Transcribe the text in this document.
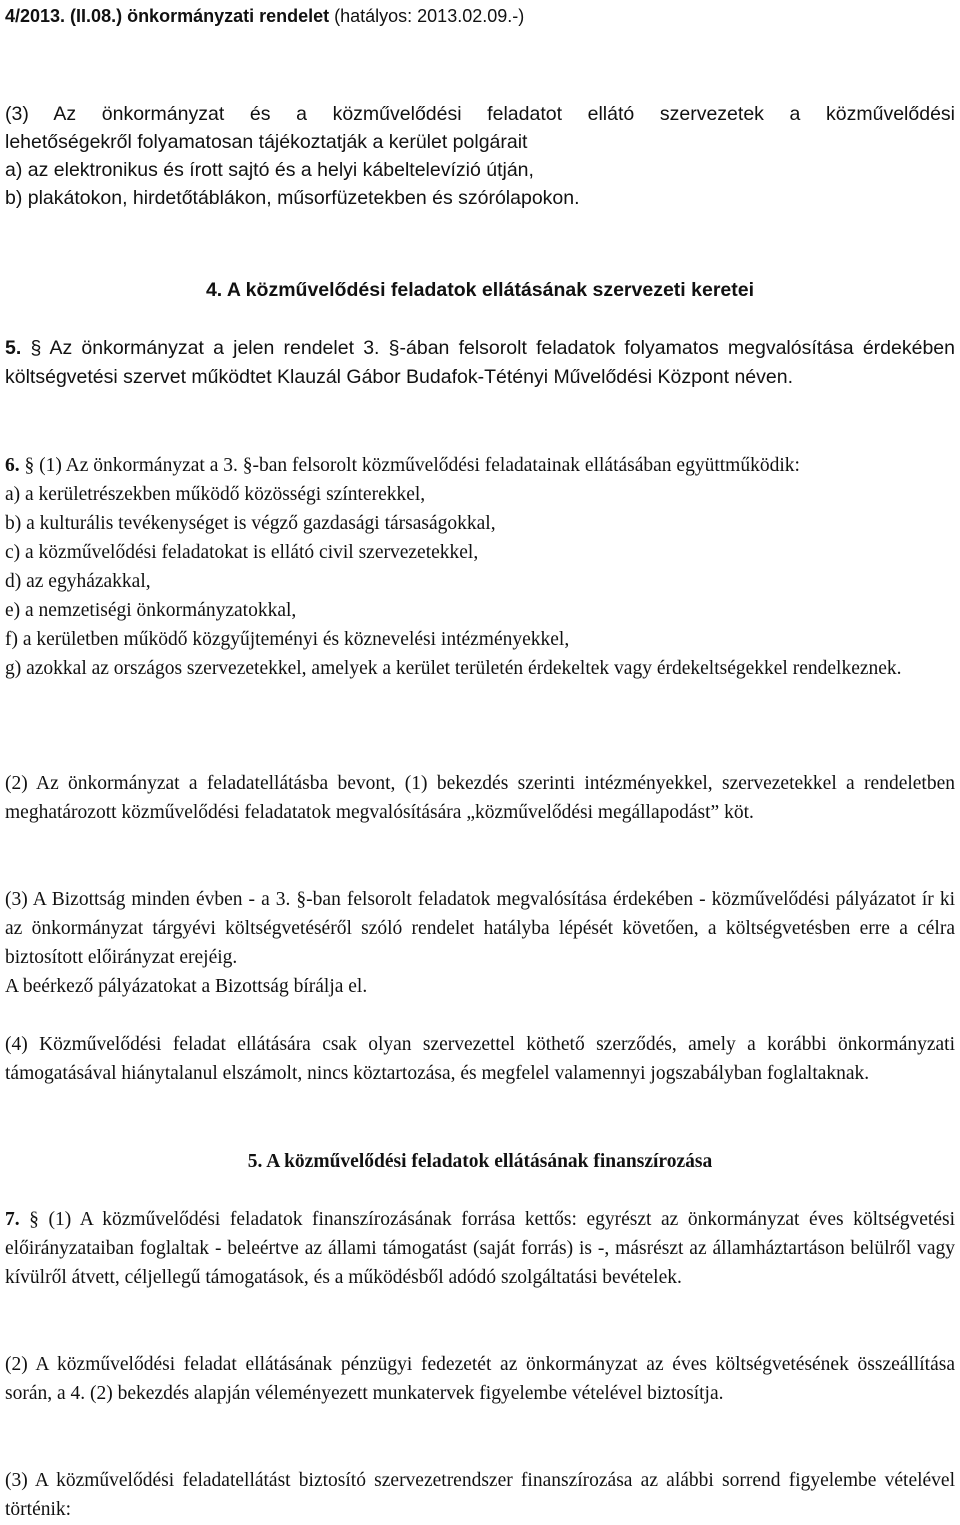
4/2013. (II.08.) önkormányzati rendelet (hatályos: 2013.02.09.-)
(3) Az önkormányzat és a közművelődési feladatot ellátó szervezetek a közművelődési
lehetőségekről folyamatosan tájékoztatják a kerület polgárait
a) az elektronikus és írott sajtó és a helyi kábeltelevízió útján,
b) plakátokon, hirdetőtáblákon, műsorfüzetekben és szórólapokon.
4. A közművelődési feladatok ellátásának szervezeti keretei
5. § Az önkormányzat a jelen rendelet 3. §-ában felsorolt feladatok folyamatos megvalósítása érdekében költségvetési szervet működtet Klauzál Gábor Budafok-Tétényi Művelődési Központ néven.

6. § (1) Az önkormányzat a 3. §-ban felsorolt közművelődési feladatainak ellátásában együttműködik:

a) a kerületrészekben működő közösségi színterekkel,

b) a kulturális tevékenységet is végző gazdasági társaságokkal,

c) a közművelődési feladatokat is ellátó civil szervezetekkel,

d) az egyházakkal,

e) a nemzetiségi önkormányzatokkal,

f) a kerületben működő közgyűjteményi és köznevelési intézményekkel,

g) azokkal az országos szervezetekkel, amelyek a kerület területén érdekeltek vagy érdekeltségekkel rendelkeznek.

(2) Az önkormányzat a feladatellátásba bevont, (1) bekezdés szerinti intézményekkel, szervezetekkel a rendeletben meghatározott közművelődési feladatatok megvalósítására „közművelődési megállapodást” köt.

(3) A Bizottság minden évben - a 3. §-ban felsorolt feladatok megvalósítása érdekében - közművelődési pályázatot ír ki az önkormányzat tárgyévi költségvetéséről szóló rendelet hatályba lépését követően, a költségvetésben erre a célra biztosított előirányzat erejéig.

A beérkező pályázatokat a Bizottság bírálja el.

(4) Közművelődési feladat ellátására csak olyan szervezettel köthető szerződés, amely a korábbi önkormányzati támogatásával hiánytalanul elszámolt, nincs köztartozása, és megfelel valamennyi jogszabályban foglaltaknak.
5. A közművelődési feladatok ellátásának finanszírozása
7. § (1) A közművelődési feladatok finanszírozásának forrása kettős: egyrészt az önkormányzat éves költségvetési előirányzataiban foglaltak - beleértve az állami támogatást (saját forrás) is -, másrészt az államháztartáson belülről vagy kívülről átvett, céljellegű támogatások, és a működésből adódó szolgáltatási bevételek.
(2) A közművelődési feladat ellátásának pénzügyi fedezetét az önkormányzat az éves költségvetésének összeállítása során, a 4. (2) bekezdés alapján véleményezett munkatervek figyelembe vételével biztosítja.
(3) A közművelődési feladatellátást biztosító szervezetrendszer finanszírozása az alábbi sorrend figyelembe vételével történik:
